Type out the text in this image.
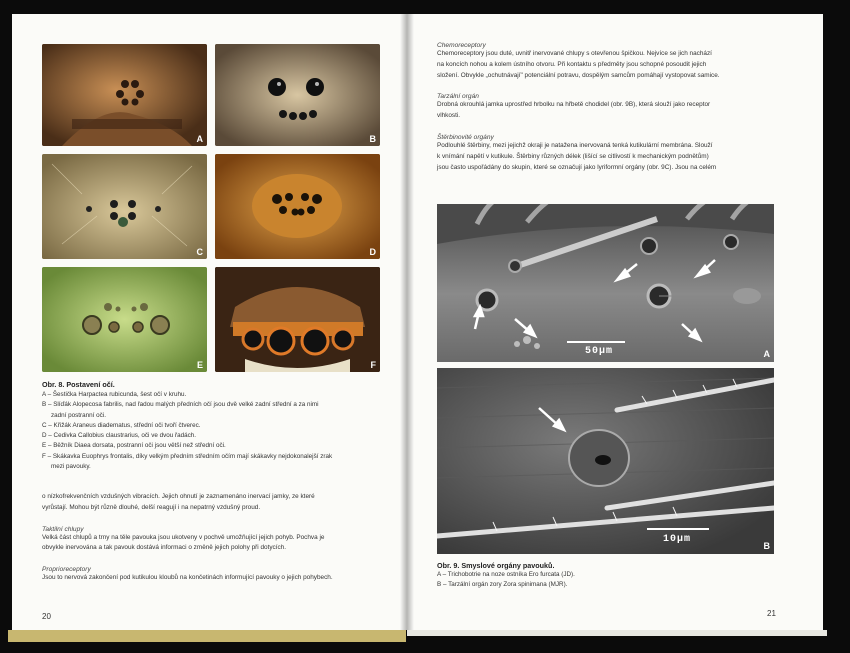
A	B
C	D
E	F
Obr. 8. Postavení očí.
A – Šestička Harpactea rubicunda, šest očí v kruhu.
B – Slíďák Alopecosa fabrilis, nad řadou malých předních očí jsou dvě velké zadní střední a za nimi
zadní postranní oči.
C – Křižák Araneus diadematus, střední oči tvoří čtverec.
D – Cedivka Callobius claustrarius, oči ve dvou řadách.
E – Běžník Diaea dorsata, postranní oči jsou větší než střední oči.
F – Skákavka Euophrys frontalis, díky velkým předním středním očím mají skákavky nejdokonalejší zrak
mezi pavouky.
o nízkofrekvenčních vzdušných vibracích. Jejich ohnutí je zaznamenáno inervací jamky, ze které
vyrůstají. Mohou být různě dlouhé, delší reagují i na nepatrný vzdušný proud.
Taktilní chlupy
Velká část chlupů a trny na těle pavouka jsou ukotveny v pochvě umožňující jejich pohyb. Pochva je
obvykle inervována a tak pavouk dostává informaci o změně jejich polohy při dotycích.
Proprioreceptory
Jsou to nervová zakončení pod kutikulou kloubů na končetinách informující pavouky o jejich pohybech.
20
Chemoreceptory
Chemoreceptory jsou duté, uvnitř inervované chlupy s otevřenou špičkou. Nejvíce se jich nachází
na koncích nohou a kolem ústního otvoru. Při kontaktu s předměty jsou schopné posoudit jejich
složení. Obvykle „ochutnávají" potenciální potravu, dospělým samcům pomáhají vystopovat samice.
Tarzální orgán
Drobná okrouhlá jamka uprostřed hrbolku na hřbetě chodidel (obr. 9B), která slouží jako receptor
vlhkosti.
Štěrbinovité orgány
Podlouhlé štěrbiny, mezi jejichž okraji je natažena inervovaná tenká kutikulární membrána. Slouží
k vnímání napětí v kutikule. Štěrbiny různých délek (lišící se citlivostí k mechanickým podnětům)
jsou často uspořádány do skupin, které se označují jako lyriformní orgány (obr. 9C). Jsou na celém
50µm	A
10µm
B
Obr. 9. Smyslové orgány pavouků.
A – Trichobotrie na noze ostníka Ero furcata (JD).
B – Tarzální orgán zory Zora spinimana (MJR).
21
